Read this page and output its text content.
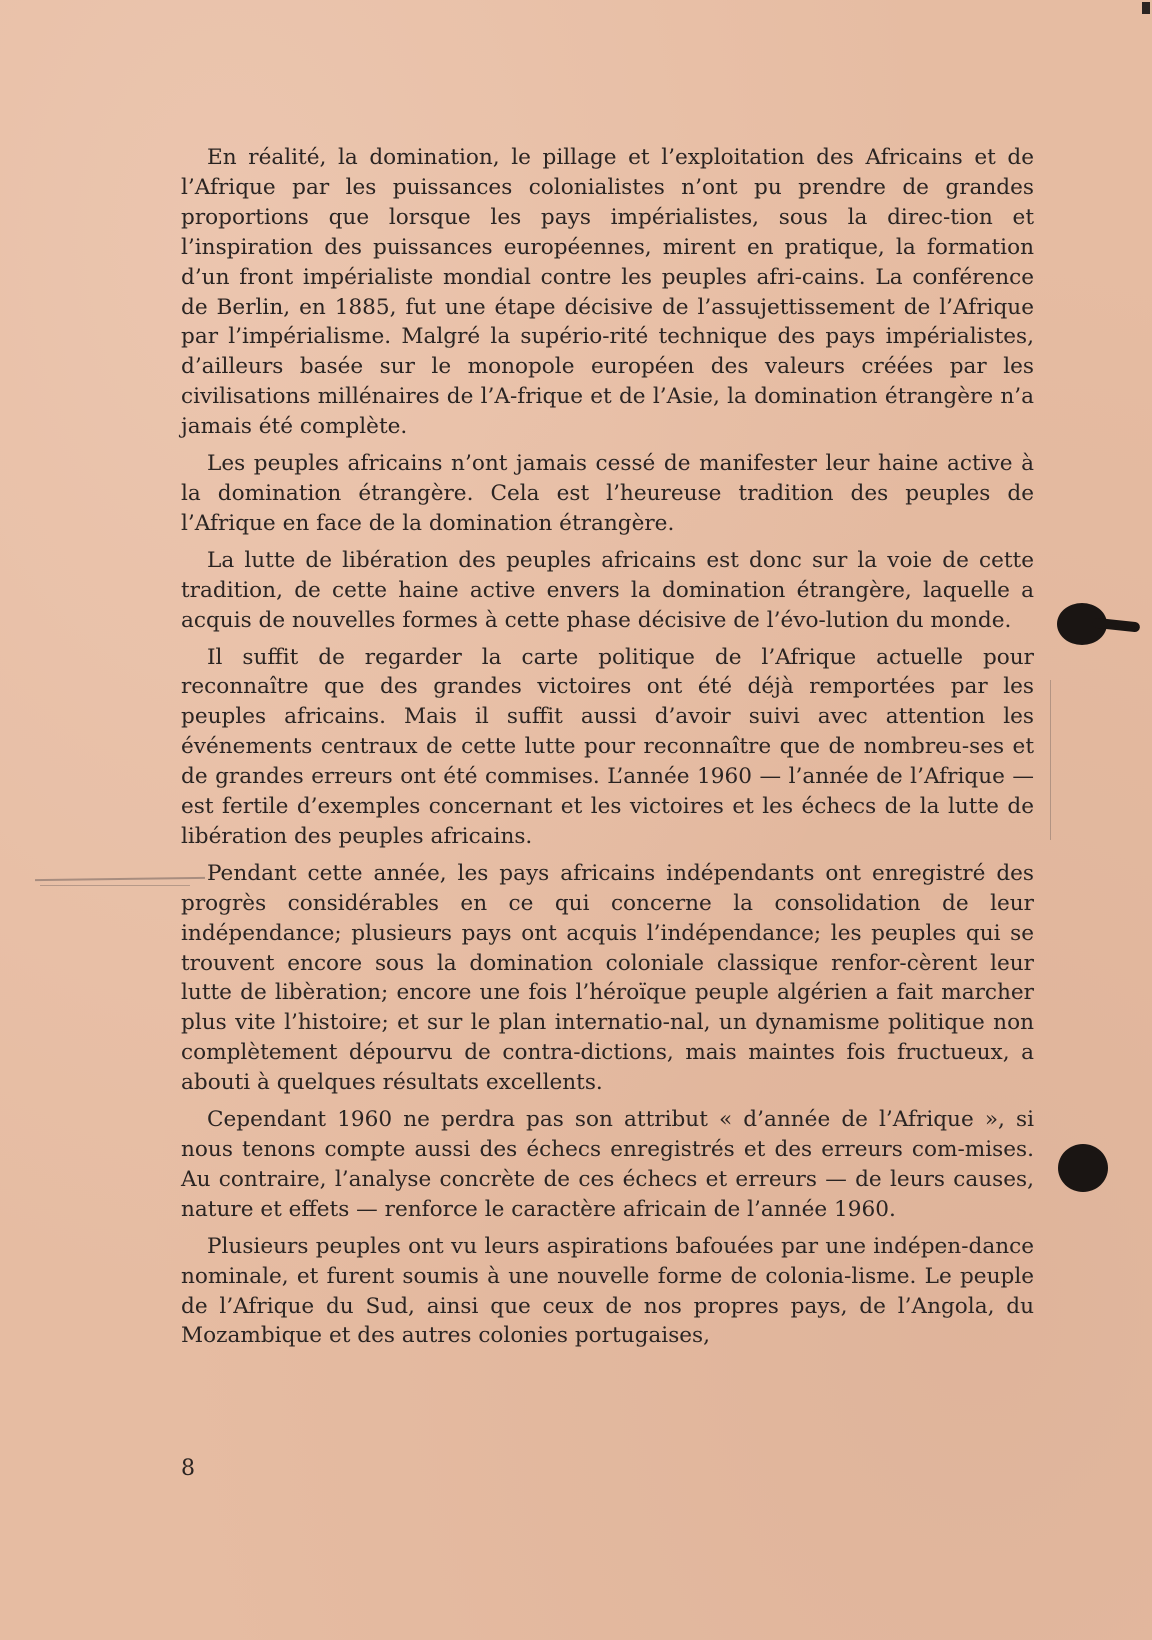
En réalité, la domination, le pillage et l’exploitation des Africains et de l’Afrique par les puissances colonialistes n’ont pu prendre de grandes proportions que lorsque les pays impérialistes, sous la direc-tion et l’inspiration des puissances européennes, mirent en pratique, la formation d’un front impérialiste mondial contre les peuples afri-cains. La conférence de Berlin, en 1885, fut une étape décisive de l’assujettissement de l’Afrique par l’impérialisme. Malgré la supério-rité technique des pays impérialistes, d’ailleurs basée sur le monopole européen des valeurs créées par les civilisations millénaires de l’A-frique et de l’Asie, la domination étrangère n’a jamais été complète.

Les peuples africains n’ont jamais cessé de manifester leur haine active à la domination étrangère. Cela est l’heureuse tradition des peuples de l’Afrique en face de la domination étrangère.

La lutte de libération des peuples africains est donc sur la voie de cette tradition, de cette haine active envers la domination étrangère, laquelle a acquis de nouvelles formes à cette phase décisive de l’évo-lution du monde.

Il suffit de regarder la carte politique de l’Afrique actuelle pour reconnaître que des grandes victoires ont été déjà remportées par les peuples africains. Mais il suffit aussi d’avoir suivi avec attention les événements centraux de cette lutte pour reconnaître que de nombreu-ses et de grandes erreurs ont été commises. L’année 1960 — l’année de l’Afrique — est fertile d’exemples concernant et les victoires et les échecs de la lutte de libération des peuples africains.

Pendant cette année, les pays africains indépendants ont enregistré des progrès considérables en ce qui concerne la consolidation de leur indépendance; plusieurs pays ont acquis l’indépendance; les peuples qui se trouvent encore sous la domination coloniale classique renfor-cèrent leur lutte de libèration; encore une fois l’héroïque peuple algérien a fait marcher plus vite l’histoire; et sur le plan internatio-nal, un dynamisme politique non complètement dépourvu de contra-dictions, mais maintes fois fructueux, a abouti à quelques résultats excellents.

Cependant 1960 ne perdra pas son attribut « d’année de l’Afrique », si nous tenons compte aussi des échecs enregistrés et des erreurs com-mises. Au contraire, l’analyse concrète de ces échecs et erreurs — de leurs causes, nature et effets — renforce le caractère africain de l’année 1960.

Plusieurs peuples ont vu leurs aspirations bafouées par une indépen-dance nominale, et furent soumis à une nouvelle forme de colonia-lisme. Le peuple de l’Afrique du Sud, ainsi que ceux de nos propres pays, de l’Angola, du Mozambique et des autres colonies portugaises,

8
